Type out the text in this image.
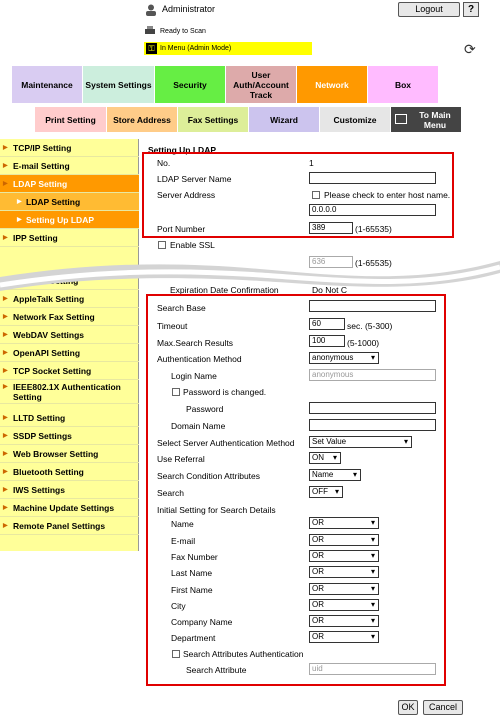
Administrator	Logout	?
Ready to Scan
⚿ In Menu (Admin Mode)	⟳
Maintenance	System Settings	Security
User Auth/Account Track
Network	Box
Print Setting	Store Address	Fax Settings	Wizard	Customize	To Main Menu
▶ TCP/IP Setting
▶ E-mail Setting
▶ LDAP Setting
▶ LDAP Setting
▶ Setting Up LDAP
▶ IPP Setting
▶
▶ AppleTalk Setting
▶ Network Fax Setting
▶ WebDAV Settings
▶ OpenAPI Setting
▶ TCP Socket Setting
▶ IEEE802.1X Authentication Setting
▶ LLTD Setting
▶ SSDP Settings
▶ Web Browser Setting
▶ Bluetooth Setting
▶ IWS Settings
▶ Machine Update Settings
▶ Remote Panel Settings
Setting Up LDAP
No.	1
LDAP Server Name
Server Address	Please check to enter host name.
0.0.0.0
Port Number	389	(1-65535)
Enable SSL
636	(1-65535)
Expiration Date Confirmation	Do Not C
Search Base
Timeout	60	sec. (5-300)
Max.Search Results	100	(5-1000)
Authentication Method	anonymous ▾
Login Name	anonymous
Password is changed.
Password
Domain Name
Select Server Authentication Method	Set Value ▾
Use Referral	ON ▾
Search Condition Attributes	Name ▾
Search	OFF ▾
Initial Setting for Search Details
Name	OR ▾
E-mail	OR ▾
Fax Number	OR ▾
Last Name	OR ▾
First Name	OR ▾
City	OR ▾
Company Name	OR ▾
Department	OR ▾
Search Attributes Authentication
Search Attribute	uid
OK	Cancel
